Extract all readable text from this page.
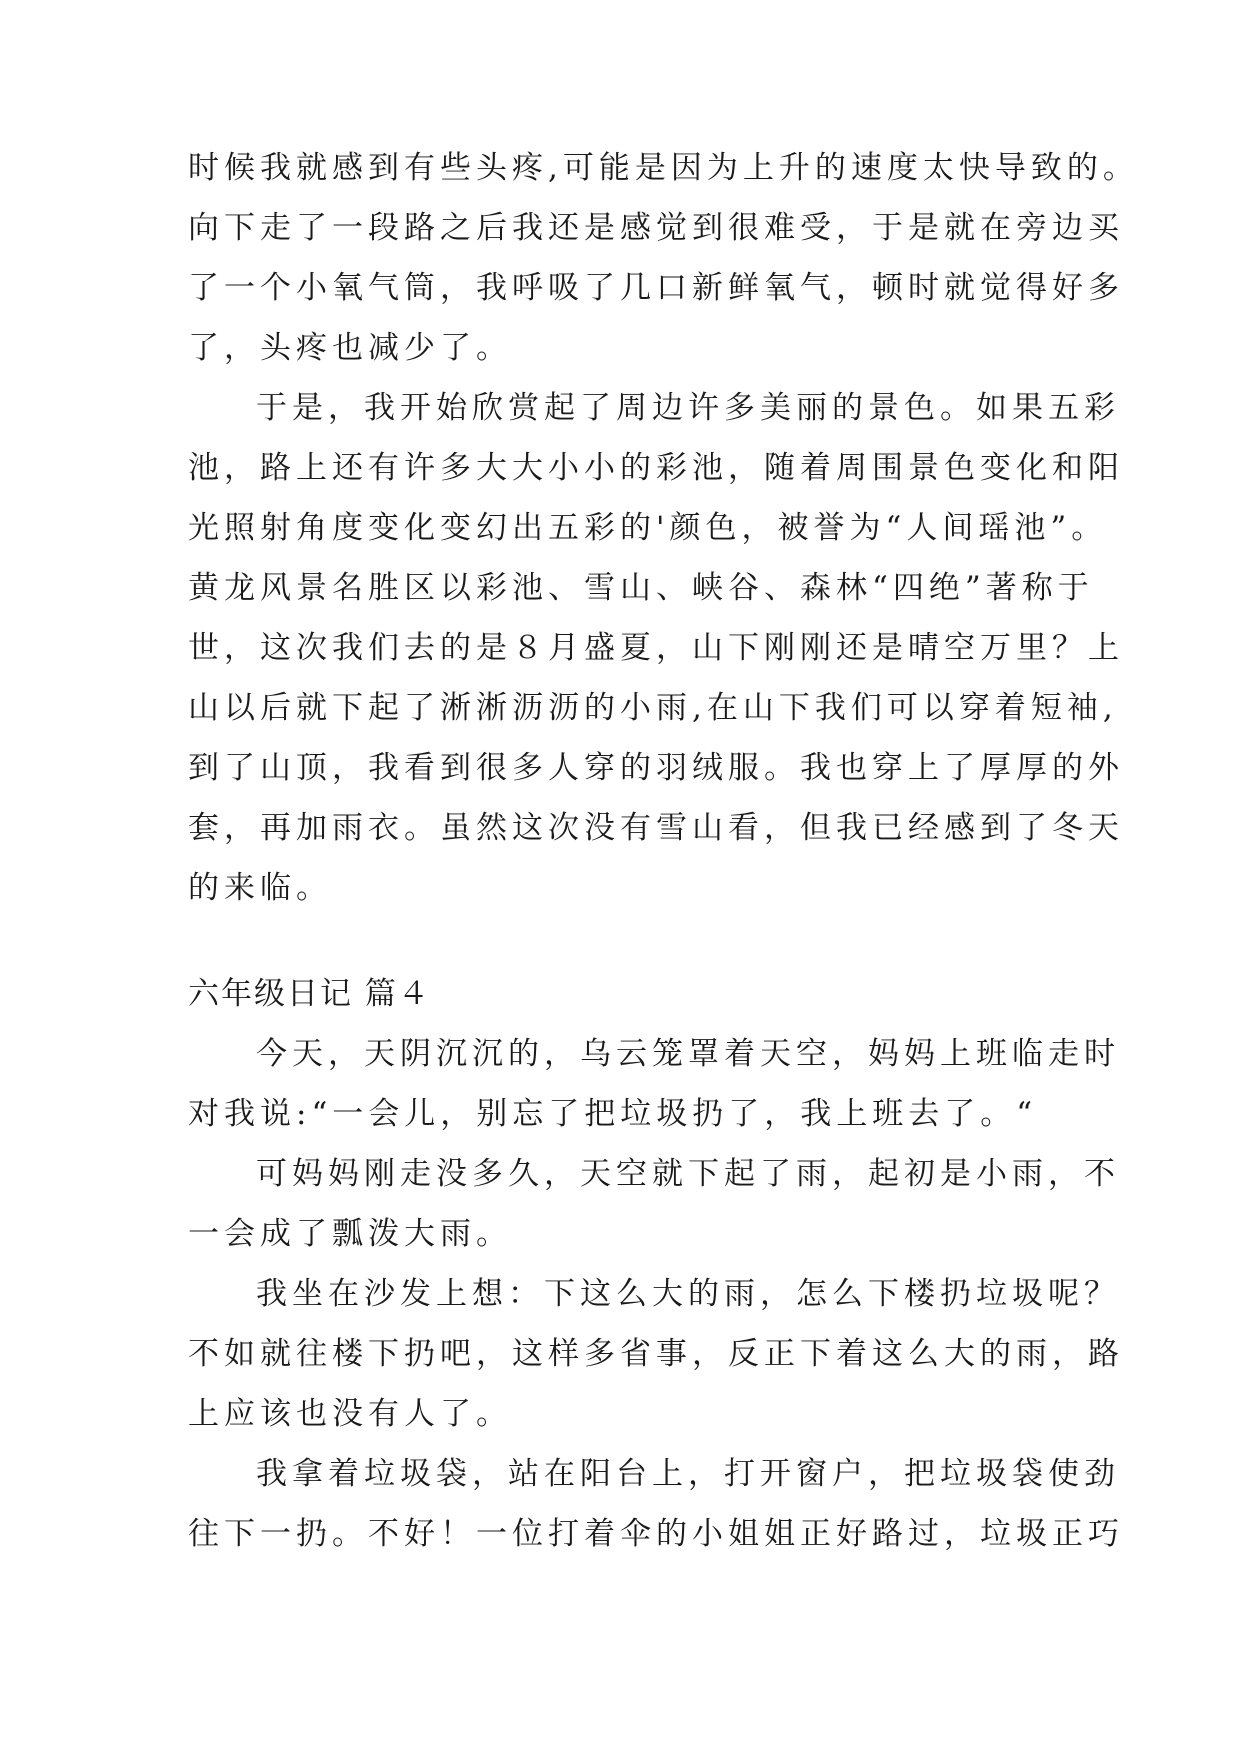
时候我就感到有些头疼,可能是因为上升的速度太快导致的。
向下走了一段路之后我还是感觉到很难受，于是就在旁边买
了一个小氧气筒，我呼吸了几口新鲜氧气，顿时就觉得好多
了，头疼也减少了。
于是，我开始欣赏起了周边许多美丽的景色。如果五彩
池，路上还有许多大大小小的彩池，随着周围景色变化和阳
光照射角度变化变幻出五彩的'颜色，被誉为“人间瑶池”。
黄龙风景名胜区以彩池、雪山、峡谷、森林“四绝”著称于
世，这次我们去的是８月盛夏，山下刚刚还是晴空万里？上
山以后就下起了淅淅沥沥的小雨,在山下我们可以穿着短袖,
到了山顶，我看到很多人穿的羽绒服。我也穿上了厚厚的外
套，再加雨衣。虽然这次没有雪山看，但我已经感到了冬天
的来临。
六年级日记 篇４
今天，天阴沉沉的，乌云笼罩着天空，妈妈上班临走时
对我说:“一会儿，别忘了把垃圾扔了，我上班去了。“
可妈妈刚走没多久，天空就下起了雨，起初是小雨，不
一会成了瓢泼大雨。
我坐在沙发上想：下这么大的雨，怎么下楼扔垃圾呢？
不如就往楼下扔吧，这样多省事，反正下着这么大的雨，路
上应该也没有人了。
我拿着垃圾袋，站在阳台上，打开窗户，把垃圾袋使劲
往下一扔。不好！一位打着伞的小姐姐正好路过，垃圾正巧
